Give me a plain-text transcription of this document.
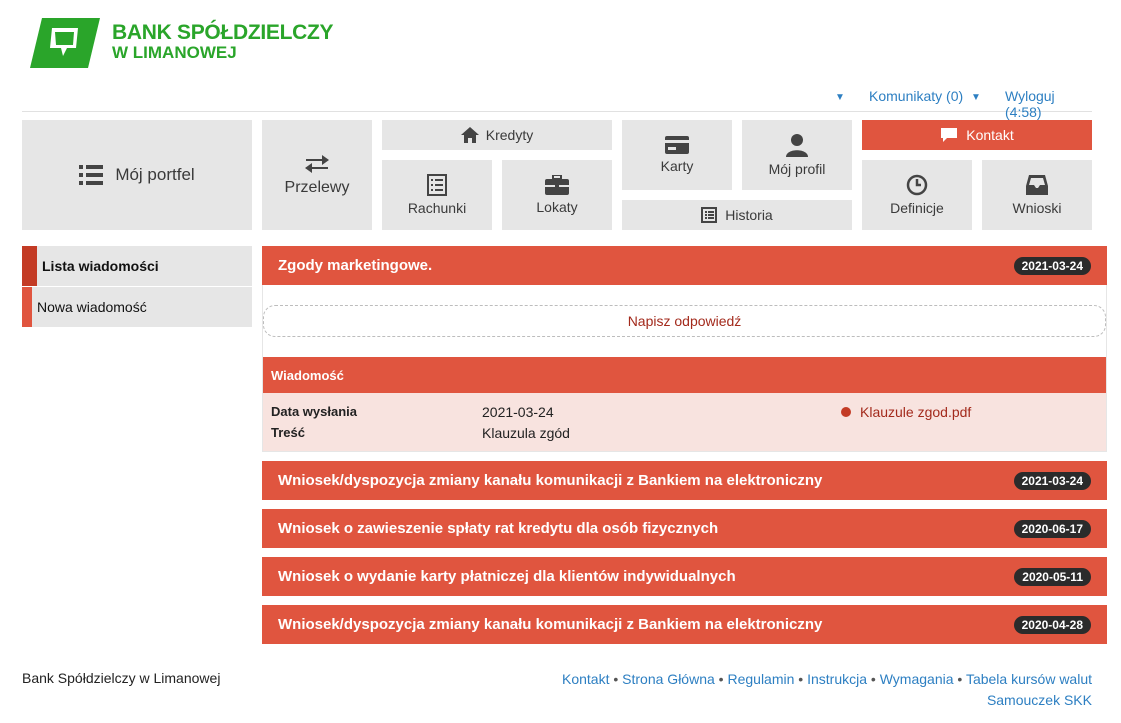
BANK SPÓŁDZIELCZY
W LIMANOWEJ
▼ Komunikaty (0) ▼ Wyloguj (4:58)
Mój portfel
Przelewy
Kredyty
Rachunki	Lokaty
Karty
Historia
Mój profil
Kontakt
Definicje	Wnioski
Lista wiadomości
Nowa wiadomość
Zgody marketingowe.	2021-03-24
Napisz odpowiedź
Wiadomość
Data wysłania	2021-03-24
Treść	Klauzula zgód
Klauzule zgod.pdf
Wniosek/dyspozycja zmiany kanału komunikacji z Bankiem na elektroniczny	2021-03-24
Wniosek o zawieszenie spłaty rat kredytu dla osób fizycznych	2020-06-17
Wniosek o wydanie karty płatniczej dla klientów indywidualnych	2020-05-11
Wniosek/dyspozycja zmiany kanału komunikacji z Bankiem na elektroniczny	2020-04-28
Bank Spółdzielczy w Limanowej	Kontakt • Strona Główna • Regulamin • Instrukcja • Wymagania • Tabela kursów walut
Samouczek SKK
